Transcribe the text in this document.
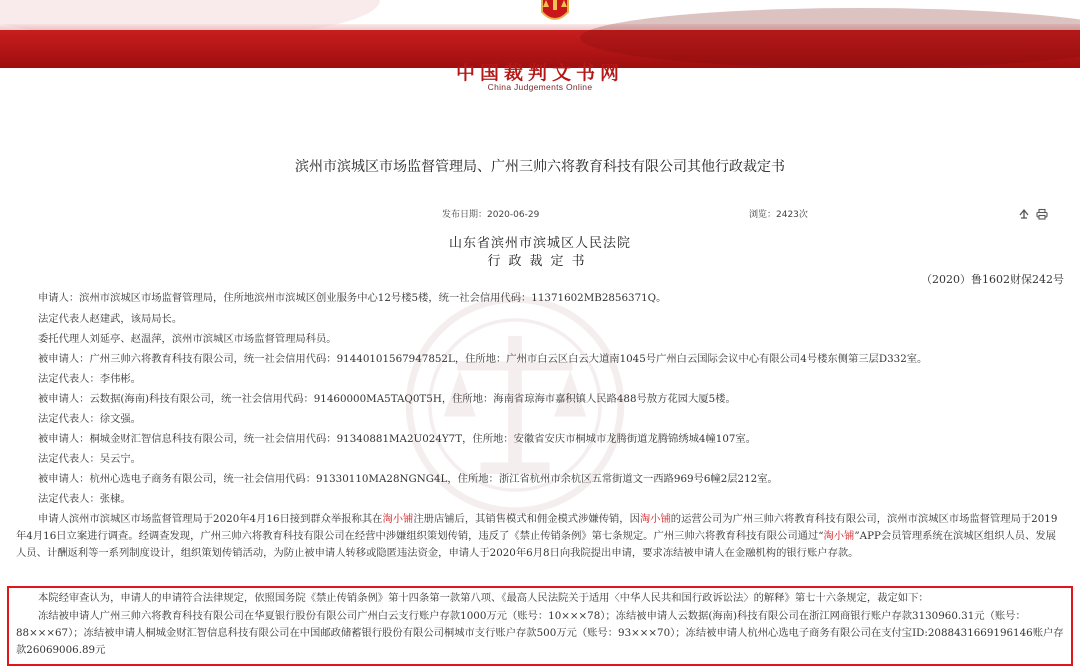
中国裁判文书网
China Judgements Online
滨州市滨城区市场监督管理局、广州三帅六将教育科技有限公司其他行政裁定书
发布日期：2020-06-29	浏览：2423次
山东省滨州市滨城区人民法院
行政裁定书
（2020）鲁1602财保242号
申请人：滨州市滨城区市场监督管理局，住所地滨州市滨城区创业服务中心12号楼5楼，统一社会信用代码：11371602MB2856371Q。
法定代表人赵建武，该局局长。
委托代理人刘延亭、赵温萍，滨州市滨城区市场监督管理局科员。
被申请人：广州三帅六将教育科技有限公司，统一社会信用代码：91440101567947852L，住所地：广州市白云区白云大道南1045号广州白云国际会议中心有限公司4号楼东侧第三层D332室。
法定代表人：李伟彬。
被申请人：云数据(海南)科技有限公司，统一社会信用代码：91460000MA5TAQ0T5H，住所地：海南省琼海市嘉积镇人民路488号敖方花园大厦5楼。
法定代表人：徐文强。
被申请人：桐城金财汇智信息科技有限公司，统一社会信用代码：91340881MA2U024Y7T，住所地：安徽省安庆市桐城市龙腾街道龙腾锦绣城4幢107室。
法定代表人：吴云宁。
被申请人：杭州心选电子商务有限公司，统一社会信用代码：91330110MA28NGNG4L，住所地：浙江省杭州市余杭区五常街道文一西路969号6幢2层212室。
法定代表人：张棣。
申请人滨州市滨城区市场监督管理局于2020年4月16日接到群众举报称其在淘小铺注册店铺后，其销售模式和佣金模式涉嫌传销，因淘小铺的运营公司为广州三帅六将教育科技有限公司，滨州市滨城区市场监督管理局于2019年4月16日立案进行调查。经调查发现，广州三帅六将教育科技有限公司在经营中涉嫌组织策划传销，违反了《禁止传销条例》第七条规定。广州三帅六将教育科技有限公司通过“淘小铺”APP会员管理系统在滨城区组织人员、发展人员、计酬返利等一系列制度设计，组织策划传销活动，为防止被申请人转移或隐匿违法资金，申请人于2020年6月8日向我院提出申请，要求冻结被申请人在金融机构的银行账户存款。
本院经审查认为，申请人的申请符合法律规定，依照国务院《禁止传销条例》第十四条第一款第八项、《最高人民法院关于适用〈中华人民共和国行政诉讼法〉的解释》第七十六条规定，裁定如下：
冻结被申请人广州三帅六将教育科技有限公司在华夏银行股份有限公司广州白云支行账户存款1000万元（账号：10×××78）；冻结被申请人云数据(海南)科技有限公司在浙江网商银行账户存款3130960.31元（账号：88×××67）；冻结被申请人桐城金财汇智信息科技有限公司在中国邮政储蓄银行股份有限公司桐城市支行账户存款500万元（账号：93×××70）；冻结被申请人杭州心选电子商务有限公司在支付宝ID:2088431669196146账户存款26069006.89元
